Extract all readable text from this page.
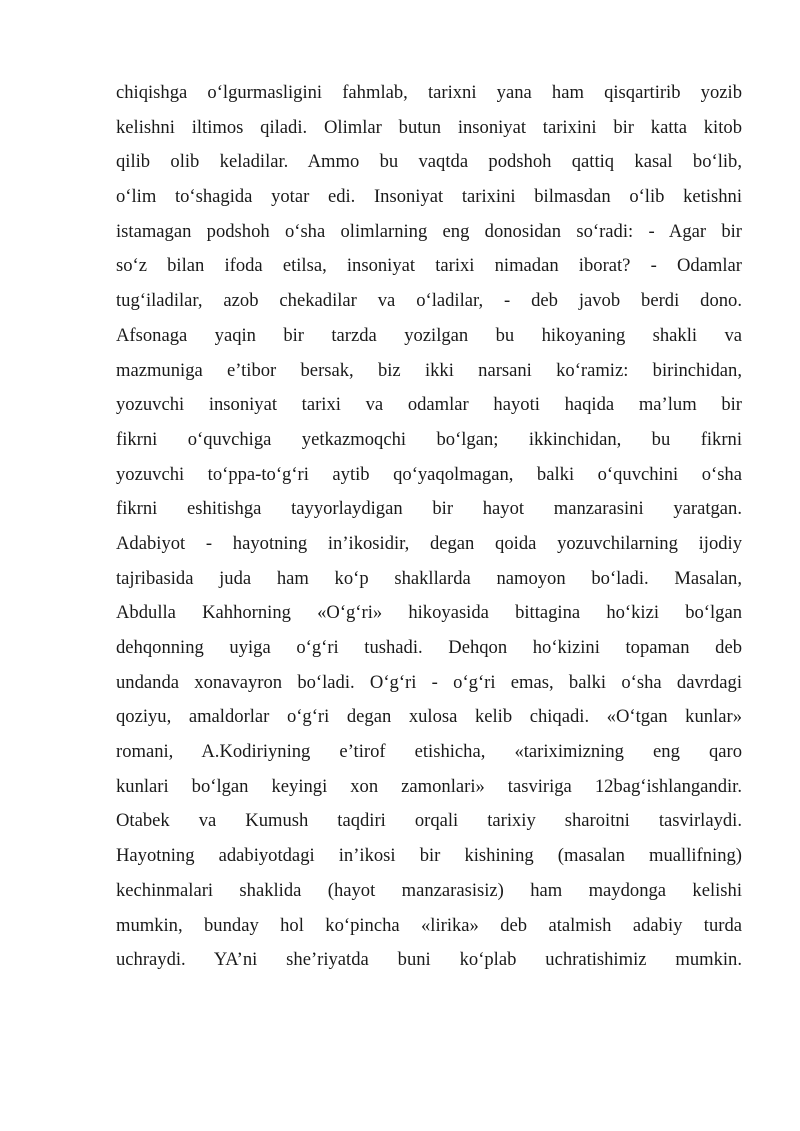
chiqishga o‘lgurmasligini fahmlab, tarixni yana ham qisqartirib yozib
kelishni iltimos qiladi. Olimlar butun insoniyat tarixini bir katta kitob
qilib olib keladilar. Ammo bu vaqtda podshoh qattiq kasal bo‘lib,
o‘lim to‘shagida yotar edi. Insoniyat tarixini bilmasdan o‘lib ketishni
istamagan podshoh o‘sha olimlarning eng donosidan so‘radi: - Agar bir
so‘z bilan ifoda etilsa, insoniyat tarixi nimadan iborat? - Odamlar
tug‘iladilar, azob chekadilar va o‘ladilar, - deb javob berdi dono.
Afsonaga yaqin bir tarzda yozilgan bu hikoyaning shakli va
mazmuniga e’tibor bersak, biz ikki narsani ko‘ramiz: birinchidan,
yozuvchi insoniyat tarixi va odamlar hayoti haqida ma’lum bir
fikrni o‘quvchiga yetkazmoqchi bo‘lgan; ikkinchidan, bu fikrni
yozuvchi to‘ppa-to‘g‘ri aytib qo‘yaqolmagan, balki o‘quvchini o‘sha
fikrni eshitishga tayyorlaydigan bir hayot manzarasini yaratgan.
Adabiyot - hayotning in’ikosidir, degan qoida yozuvchilarning ijodiy
tajribasida juda ham ko‘p shakllarda namoyon bo‘ladi. Masalan,
Abdulla Kahhorning «O‘g‘ri» hikoyasida bittagina ho‘kizi bo‘lgan
dehqonning uyiga o‘g‘ri tushadi. Dehqon ho‘kizini topaman deb
undanda xonavayron bo‘ladi. O‘g‘ri - o‘g‘ri emas, balki o‘sha davrdagi
qoziyu, amaldorlar o‘g‘ri degan xulosa kelib chiqadi. «O‘tgan kunlar»
romani, A.Kodiriyning e’tirof etishicha, «tariximizning eng qaro
kunlari bo‘lgan keyingi xon zamonlari» tasviriga 12bag‘ishlangandir.
Otabek va Kumush taqdiri orqali tarixiy sharoitni tasvirlaydi.
Hayotning adabiyotdagi in’ikosi bir kishining (masalan muallifning)
kechinmalari shaklida (hayot manzarasisiz) ham maydonga kelishi
mumkin, bunday hol ko‘pincha «lirika» deb atalmish adabiy turda
uchraydi. YA’ni she’riyatda buni ko‘plab uchratishimiz mumkin.
